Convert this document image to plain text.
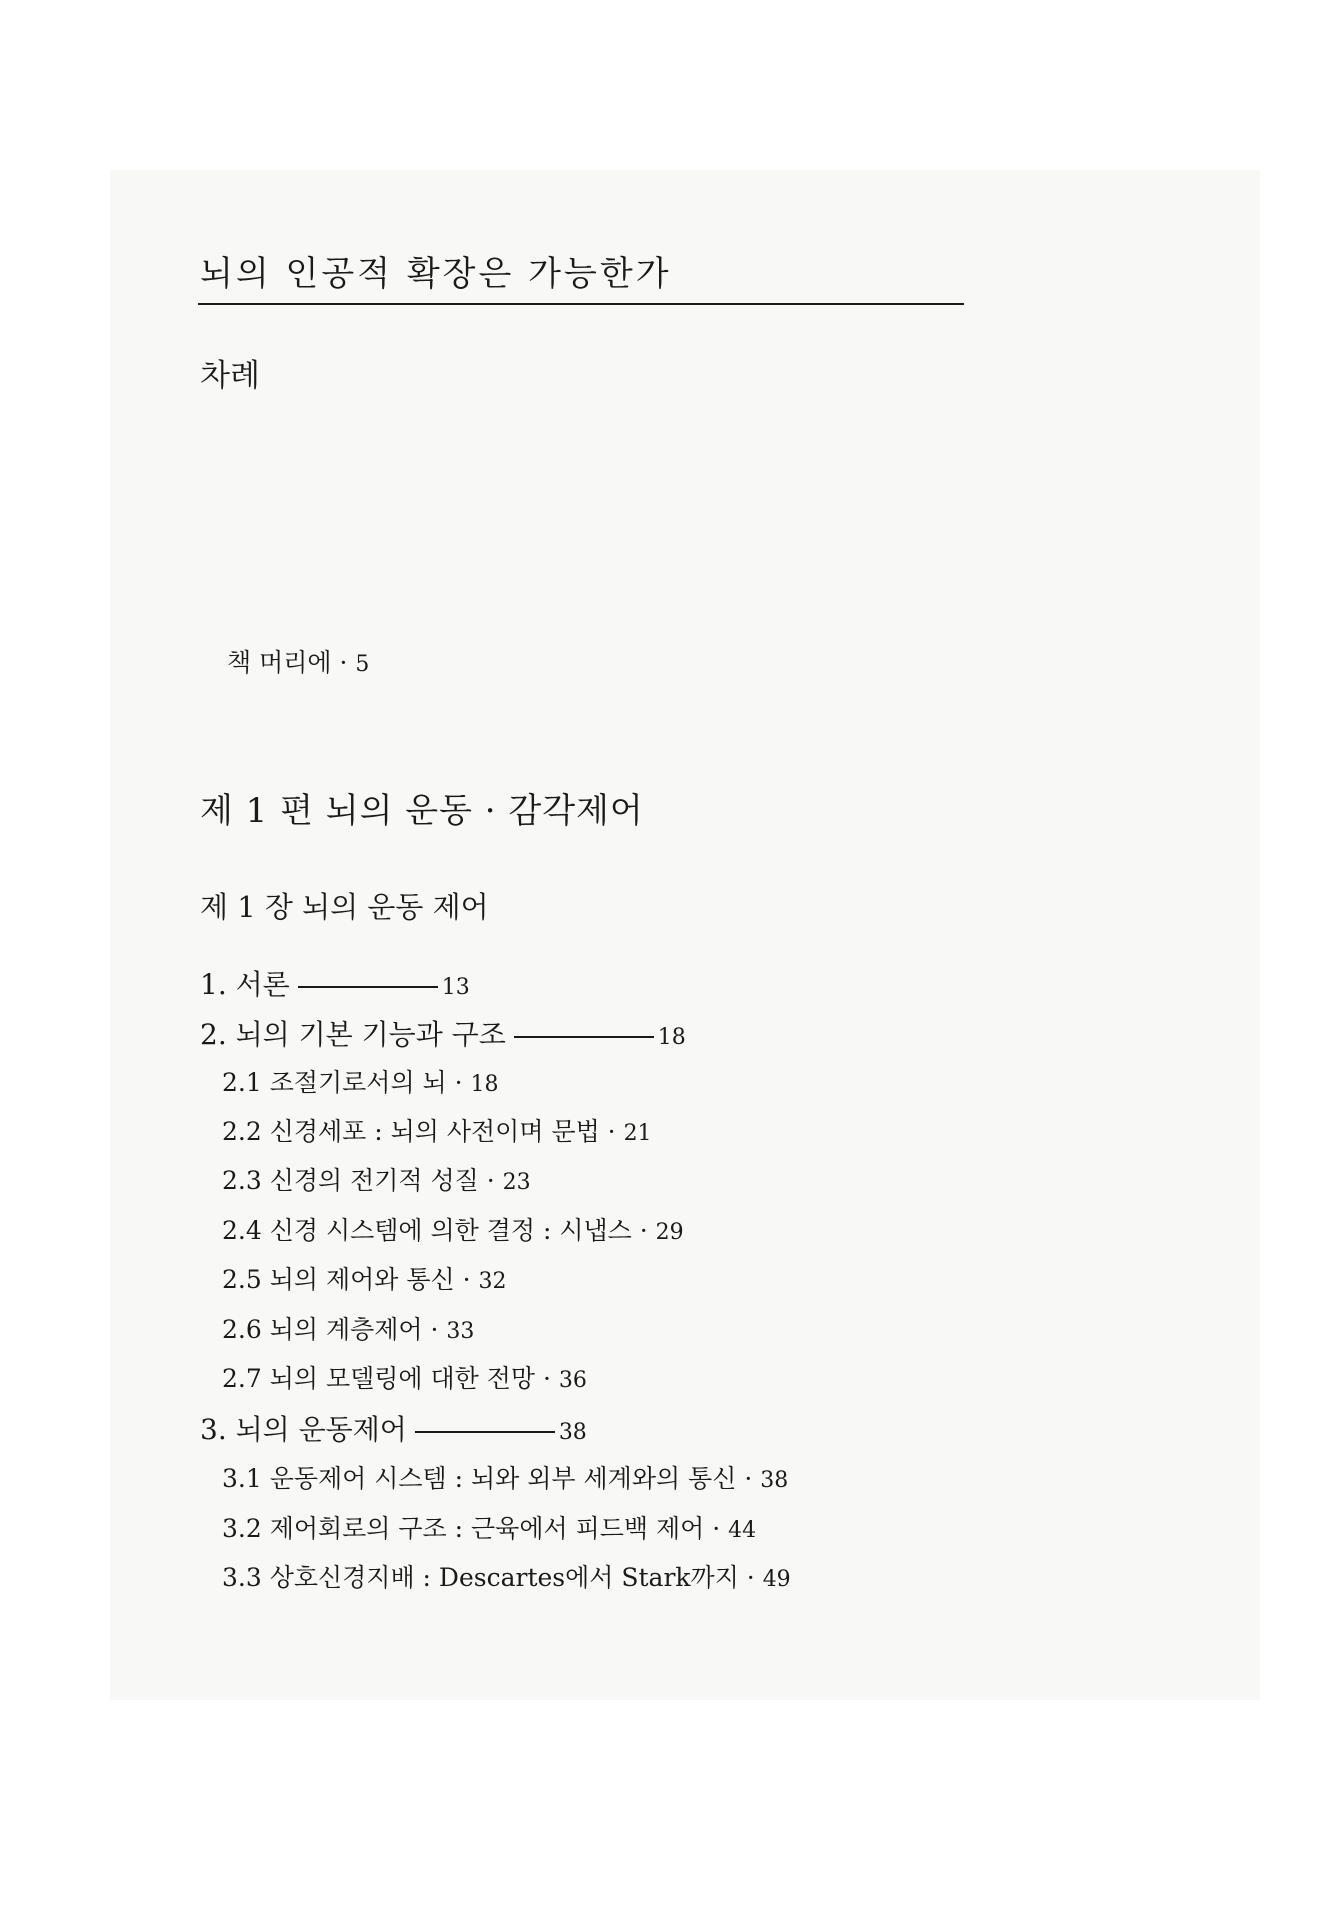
뇌의 인공적 확장은 가능한가
차례
책 머리에 · 5
제 1 편 뇌의 운동 · 감각제어
제 1 장 뇌의 운동 제어
1. 서론	13
2. 뇌의 기본 기능과 구조	18
2.1 조절기로서의 뇌 · 18
2.2 신경세포 : 뇌의 사전이며 문법 · 21
2.3 신경의 전기적 성질 · 23
2.4 신경 시스템에 의한 결정 : 시냅스 · 29
2.5 뇌의 제어와 통신 · 32
2.6 뇌의 계층제어 · 33
2.7 뇌의 모델링에 대한 전망 · 36
3. 뇌의 운동제어	38
3.1 운동제어 시스템 : 뇌와 외부 세계와의 통신 · 38
3.2 제어회로의 구조 : 근육에서 피드백 제어 · 44
3.3 상호신경지배 : Descartes에서 Stark까지 · 49
